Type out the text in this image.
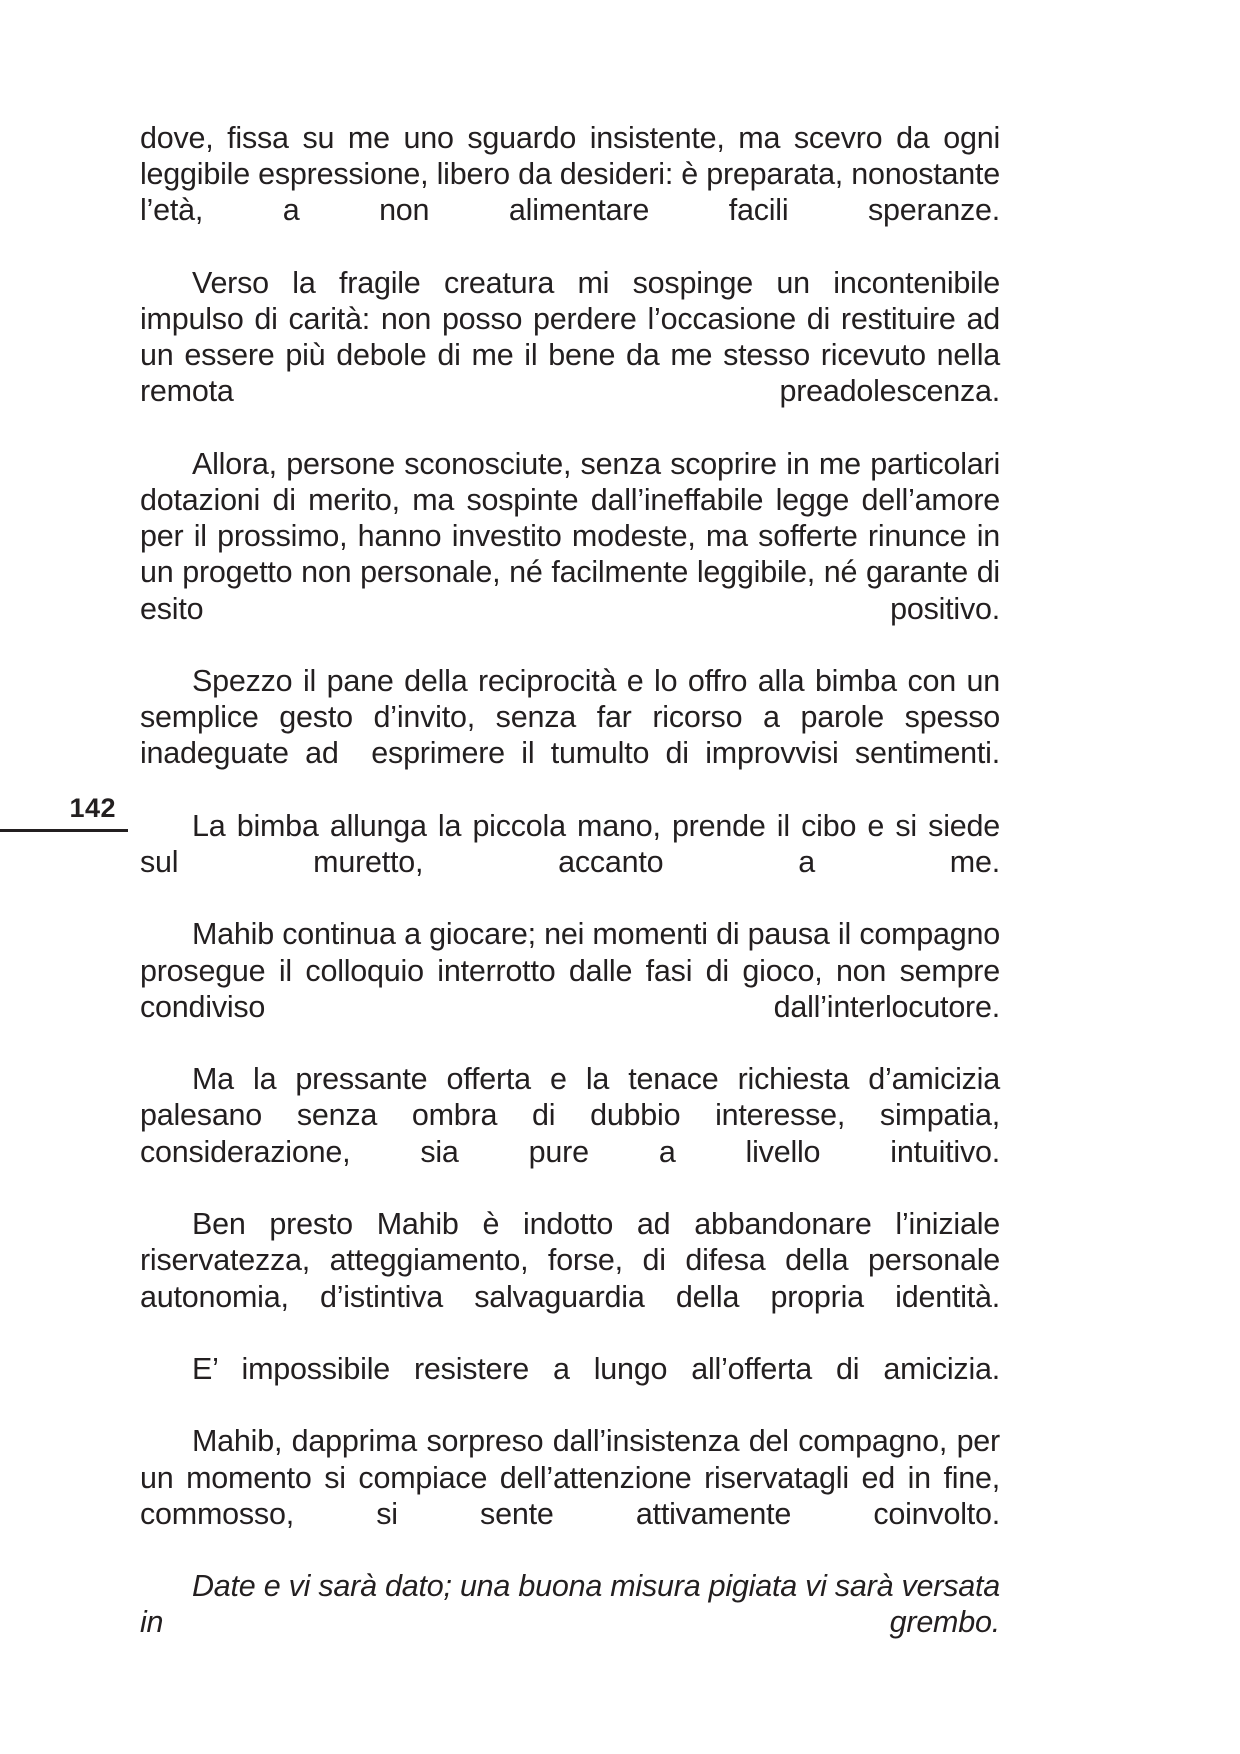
142

dove, fissa su me uno sguardo insistente, ma scevro da ogni leggibile espressione, libero da desideri: è preparata, nonostante l’età, a non alimentare facili speranze.

Verso la fragile creatura mi sospinge un incontenibile impulso di carità: non posso perdere l’occasione di restituire ad un essere più debole di me il bene da me stesso ricevuto nella remota preadolescenza.

Allora, persone sconosciute, senza scoprire in me particolari dotazioni di merito, ma sospinte dall’ineffabile legge dell’amore per il prossimo, hanno investito modeste, ma sofferte rinunce in un progetto non personale, né facilmente leggibile, né garante di esito positivo.

Spezzo il pane della reciprocità e lo offro alla bimba con un semplice gesto d’invito, senza far ricorso a parole spesso inadeguate ad  esprimere il tumulto di improvvisi sentimenti.

La bimba allunga la piccola mano, prende il cibo e si siede sul muretto, accanto a me.

Mahib continua a giocare; nei momenti di pausa il compagno prosegue il colloquio interrotto dalle fasi di gioco, non sempre condiviso dall’interlocutore.

Ma la pressante offerta e la tenace richiesta d’amicizia palesano senza ombra di dubbio interesse, simpatia, considerazione, sia pure a livello intuitivo.

Ben presto Mahib è indotto ad abbandonare l’iniziale riservatezza, atteggiamento, forse, di difesa della personale autonomia, d’istintiva salvaguardia della propria identità.

E’ impossibile resistere a lungo all’offerta di amicizia.

Mahib, dapprima sorpreso dall’insistenza del compagno, per un momento si compiace dell’attenzione riservatagli ed in fine, commosso, si sente attivamente coinvolto.

Date e vi sarà dato; una buona misura pigiata vi sarà versata in grembo.
